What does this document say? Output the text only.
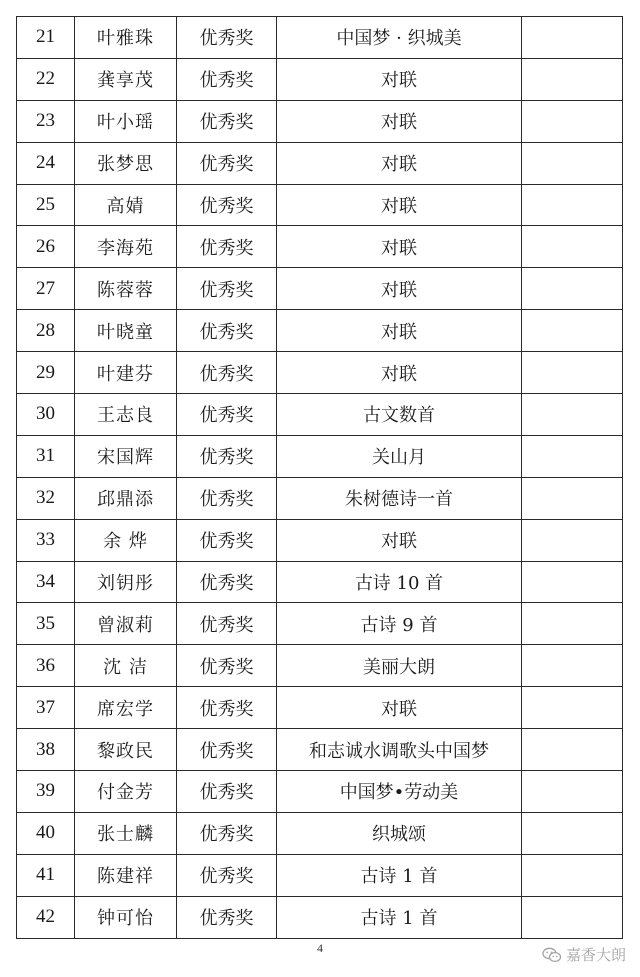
21	叶雅珠	优秀奖	中国梦 · 织城美	
22	龚享茂	优秀奖	对联	
23	叶小瑶	优秀奖	对联	
24	张梦思	优秀奖	对联	
25	高婧	优秀奖	对联	
26	李海苑	优秀奖	对联	
27	陈蓉蓉	优秀奖	对联	
28	叶晓童	优秀奖	对联	
29	叶建芬	优秀奖	对联	
30	王志良	优秀奖	古文数首	
31	宋国辉	优秀奖	关山月	
32	邱鼎添	优秀奖	朱树德诗一首	
33	余 烨	优秀奖	对联	
34	刘钥彤	优秀奖	古诗 10 首	
35	曾淑莉	优秀奖	古诗 9 首	
36	沈 洁	优秀奖	美丽大朗	
37	席宏学	优秀奖	对联	
38	黎政民	优秀奖	和志诚水调歌头中国梦	
39	付金芳	优秀奖	中国梦•劳动美	
40	张士麟	优秀奖	织城颂	
41	陈建祥	优秀奖	古诗 1 首	
42	钟可怡	优秀奖	古诗 1 首	
4	嘉香大朗
